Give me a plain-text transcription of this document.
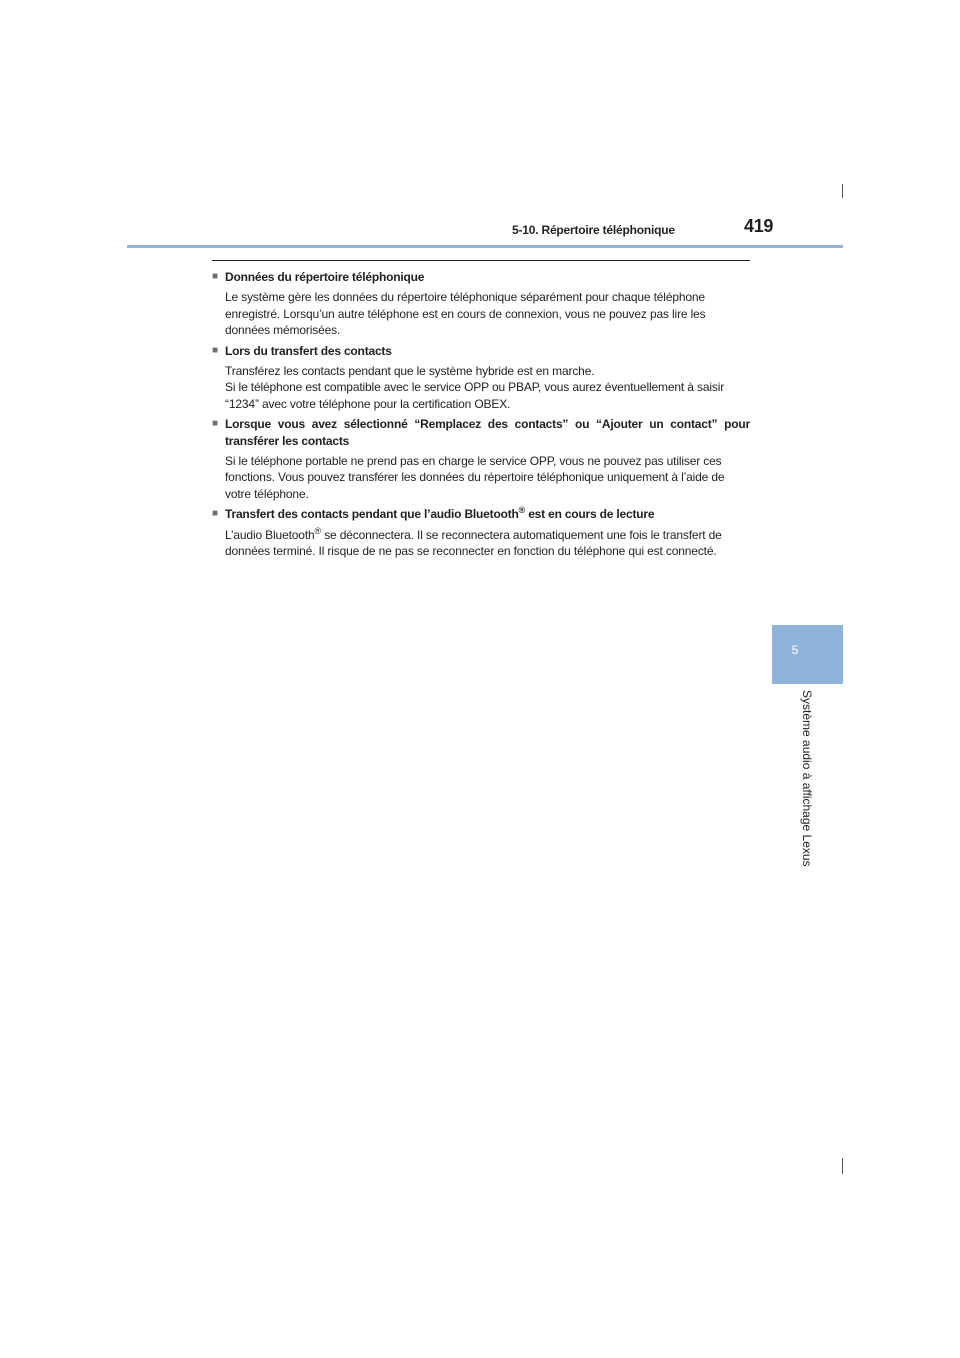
5-10. Répertoire téléphonique	419
5
Système audio à affichage Lexus
■ Données du répertoire téléphonique

Le système gère les données du répertoire téléphonique séparément pour chaque téléphone enregistré. Lorsqu’un autre téléphone est en cours de connexion, vous ne pouvez pas lire les données mémorisées.

■ Lors du transfert des contacts

Transférez les contacts pendant que le système hybride est en marche.

Si le téléphone est compatible avec le service OPP ou PBAP, vous aurez éventuellement à saisir “1234” avec votre téléphone pour la certification OBEX.

■ Lorsque vous avez sélectionné “Remplacez des contacts” ou “Ajouter un contact” pour transférer les contacts

Si le téléphone portable ne prend pas en charge le service OPP, vous ne pouvez pas utiliser ces fonctions. Vous pouvez transférer les données du répertoire téléphonique uniquement à l’aide de votre téléphone.

■ Transfert des contacts pendant que l’audio Bluetooth® est en cours de lecture

L’audio Bluetooth® se déconnectera. Il se reconnectera automatiquement une fois le transfert de données terminé. Il risque de ne pas se reconnecter en fonction du téléphone qui est connecté.
